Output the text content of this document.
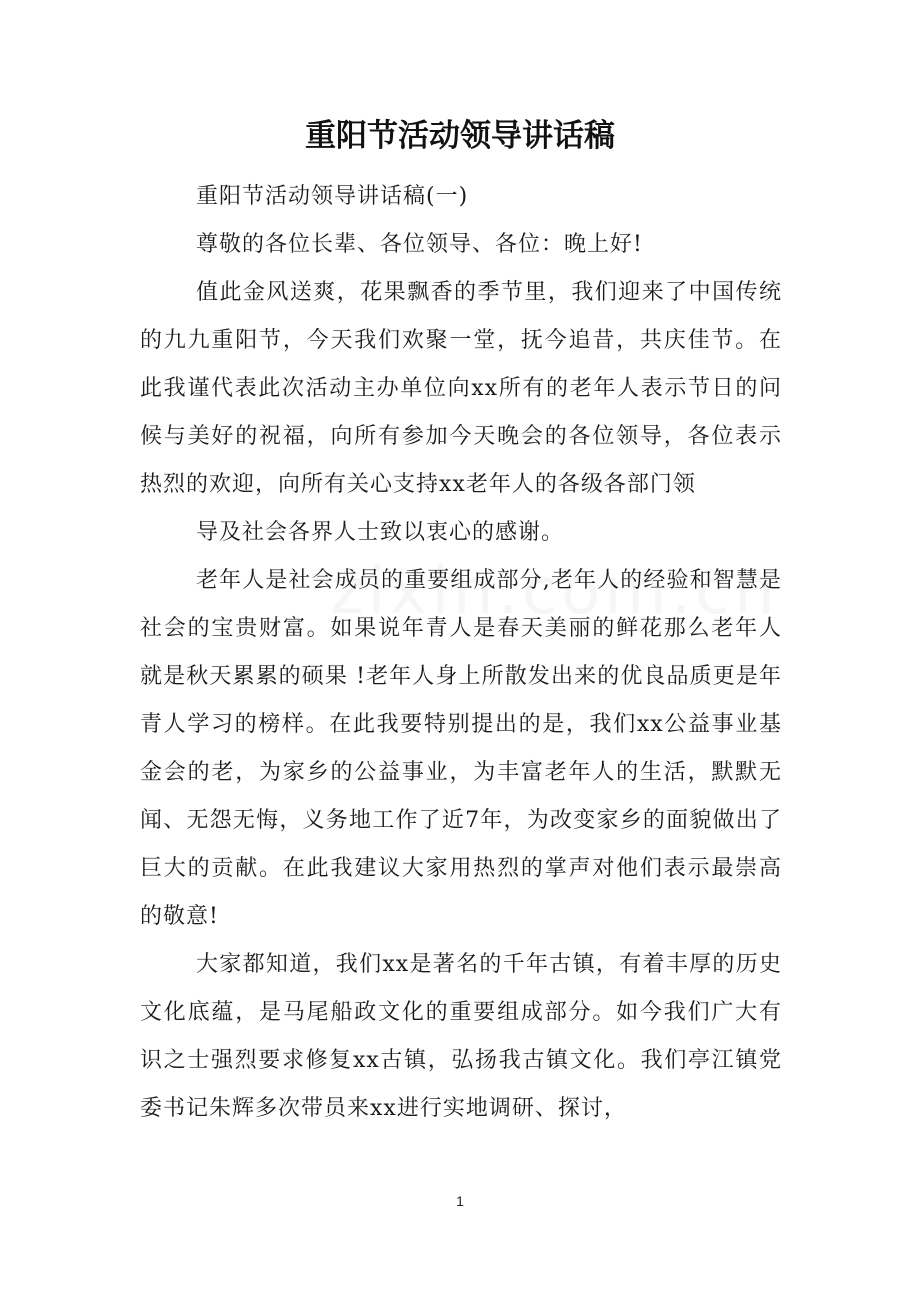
重阳节活动领导讲话稿

重阳节活动领导讲话稿(一)

尊敬的各位长辈、各位领导、各位：晚上好!

值此金风送爽，花果飘香的季节里，我们迎来了中国传统的九九重阳节，今天我们欢聚一堂，抚今追昔，共庆佳节。在此我谨代表此次活动主办单位向xx所有的老年人表示节日的问候与美好的祝福，向所有参加今天晚会的各位领导，各位表示热烈的欢迎，向所有关心支持xx老年人的各级各部门领

导及社会各界人士致以衷心的感谢。

老年人是社会成员的重要组成部分,老年人的经验和智慧是社会的宝贵财富。如果说年青人是春天美丽的鲜花那么老年人就是秋天累累的硕果 !老年人身上所散发出来的优良品质更是年青人学习的榜样。在此我要特别提出的是，我们xx公益事业基金会的老，为家乡的公益事业，为丰富老年人的生活，默默无闻、无怨无悔，义务地工作了近7年，为改变家乡的面貌做出了巨大的贡献。在此我建议大家用热烈的掌声对他们表示最崇高的敬意!

大家都知道，我们xx是著名的千年古镇，有着丰厚的历史文化底蕴，是马尾船政文化的重要组成部分。如今我们广大有识之士强烈要求修复xx古镇，弘扬我古镇文化。我们亭江镇党委书记朱辉多次带员来xx进行实地调研、探讨，

1
